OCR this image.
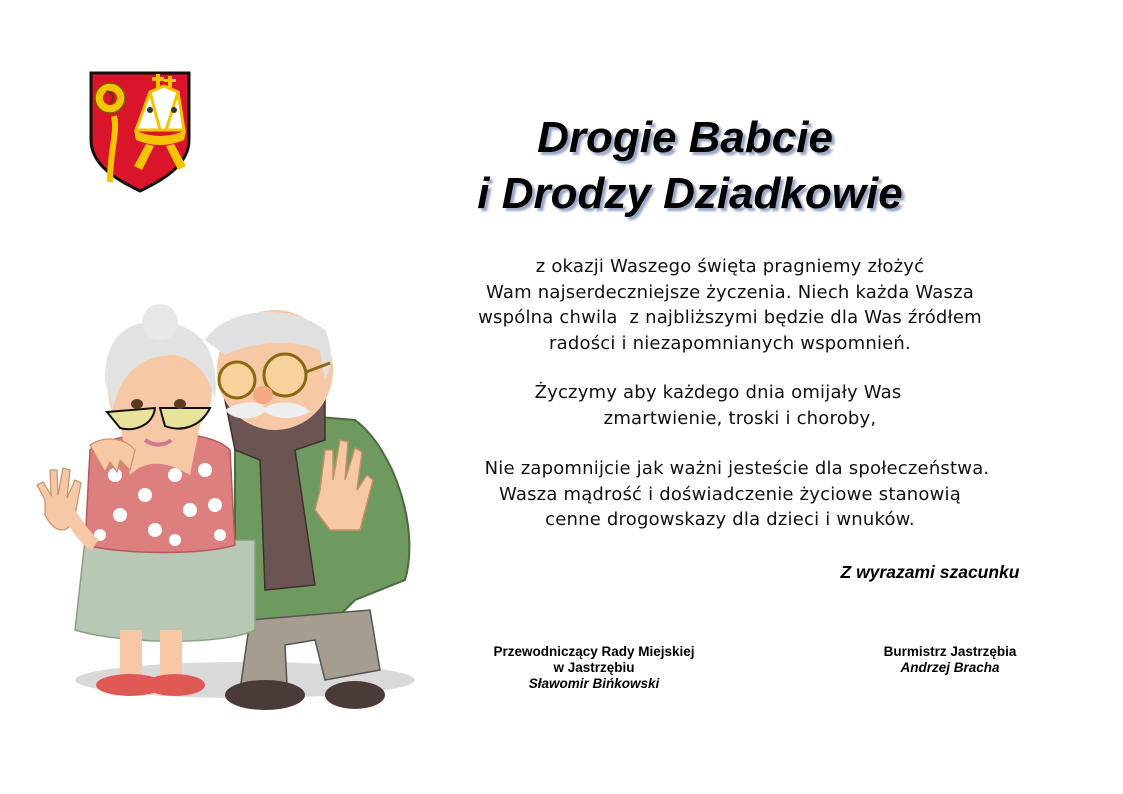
Drogie Babcie
i Drodzy Dziadkowie
z okazji Waszego święta pragniemy złożyć
Wam najserdeczniejsze życzenia. Niech każda Wasza
wspólna chwila  z najbliższymi będzie dla Was źródłem
radości i niezapomnianych wspomnień.
Życzymy aby każdego dnia omijały Was
zmartwienie, troski i choroby,
Nie zapomnijcie jak ważni jesteście dla społeczeństwa.
Wasza mądrość i doświadczenie życiowe stanowią
cenne drogowskazy dla dzieci i wnuków.
Z wyrazami szacunku
Przewodniczący Rady Miejskiej
w Jastrzębiu
Sławomir Bińkowski
Burmistrz Jastrzębia
Andrzej Bracha
